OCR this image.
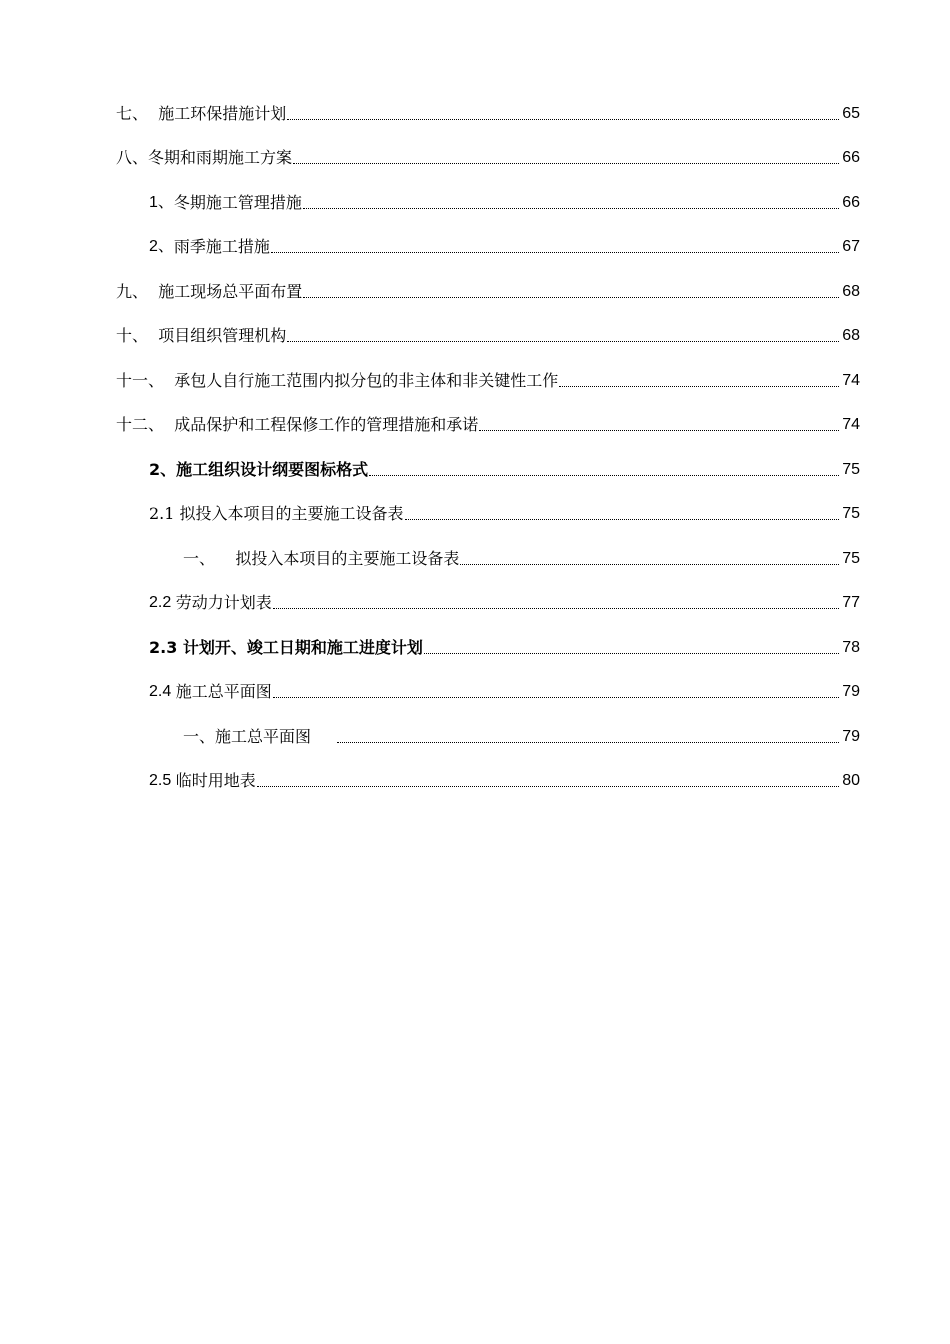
七、 施工环保措施计划	65
八、 冬期和雨期施工方案	66
1、 冬期施工管理措施	66
2、 雨季施工措施	67
九、 施工现场总平面布置	68
十、 项目组织管理机构	68
十一、 承包人自行施工范围内拟分包的非主体和非关键性工作	74
十二、 成品保护和工程保修工作的管理措施和承诺	74
2、 施工组织设计纲要图标格式	75
2.1 拟投入本项目的主要施工设备表	75
一、 拟投入本项目的主要施工设备表	75
2.2 劳动力计划表	77
2.3 计划开、竣工日期和施工进度计划	78
2.4 施工总平面图	79
一、 施工总平面图	79
2.5 临时用地表	80
